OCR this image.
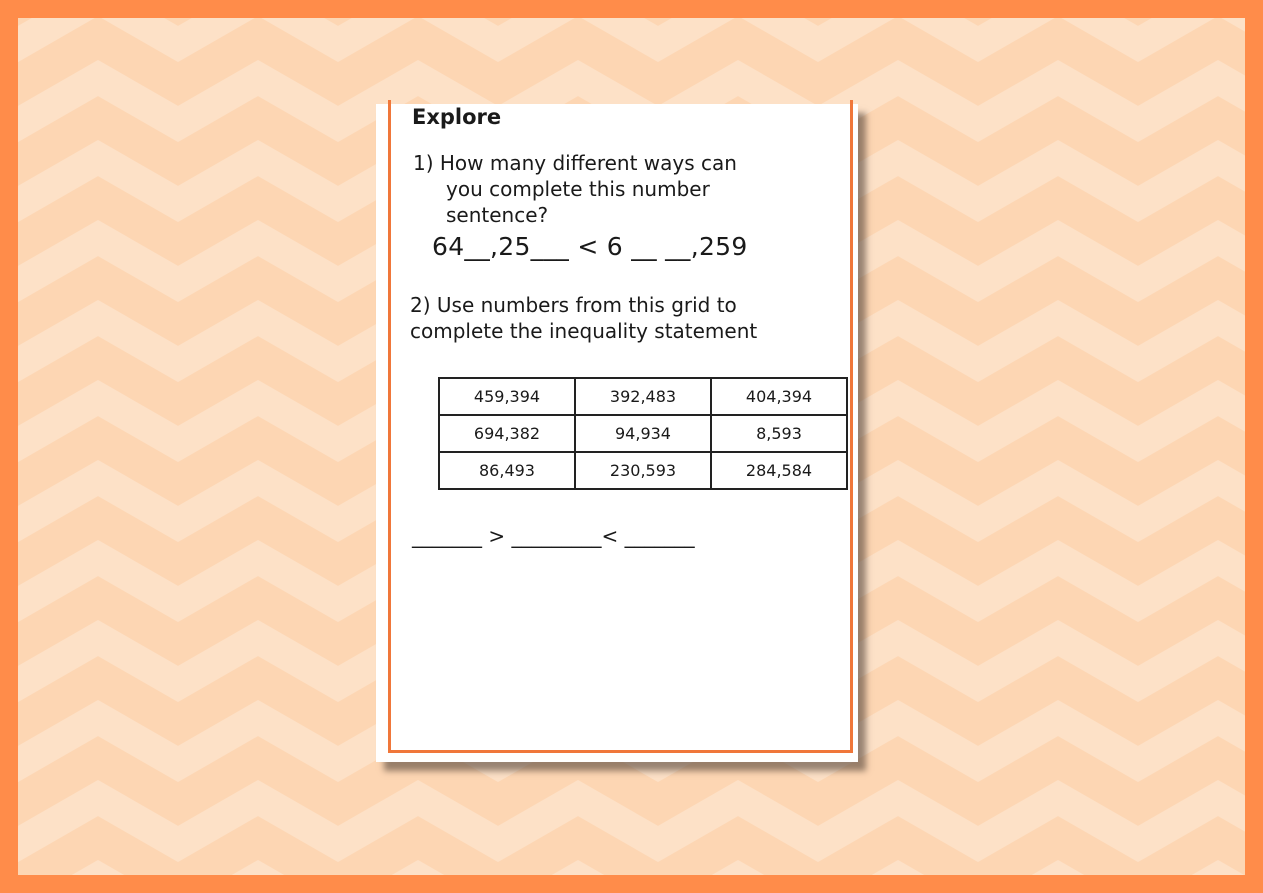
Explore
1) How many different ways can
you complete this number
sentence?
64__,25___ < 6 __ __,259
2) Use numbers from this grid to
complete the inequality statement
459,394	392,483	404,394
694,382	94,934	8,593
86,493	230,593	284,584
_______ > _________< _______
